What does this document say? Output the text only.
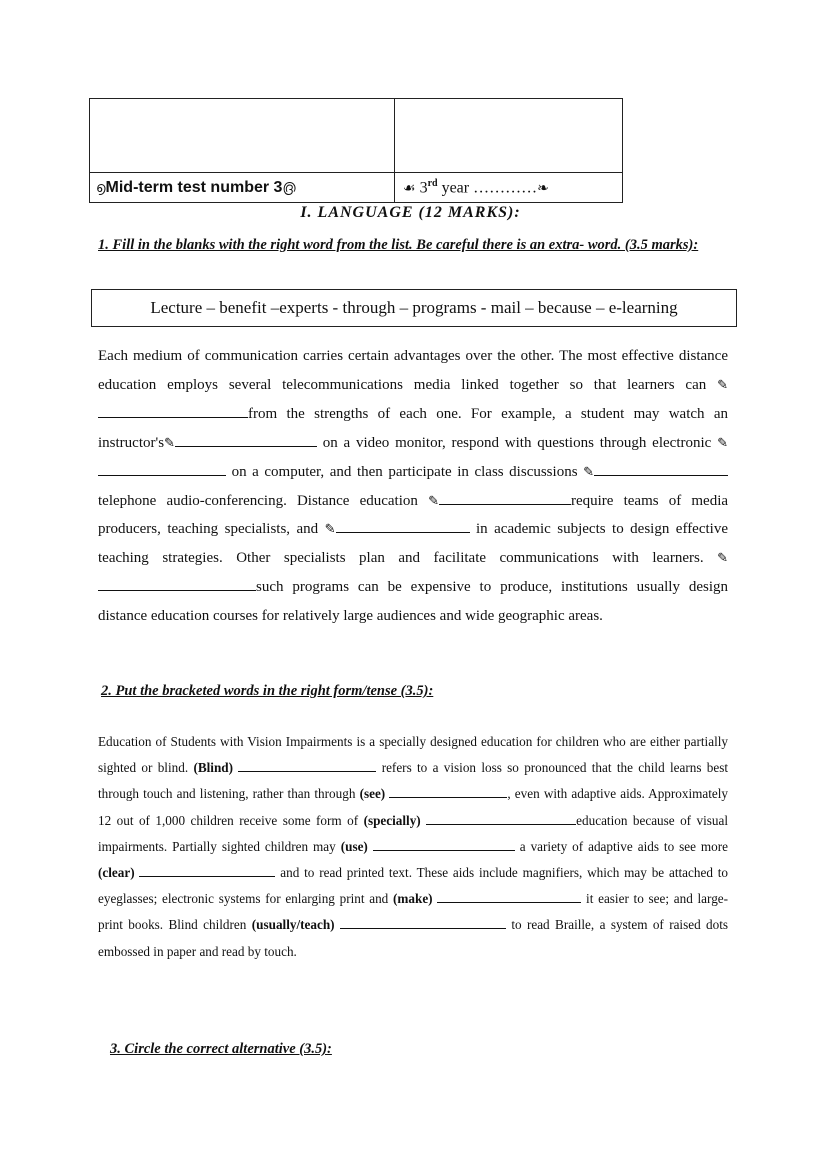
൭Mid-term test number 3൫	☙ 3rd year …………❧
I. LANGUAGE (12 MARKS):
1. Fill in the blanks with the right word from the list. Be careful there is an extra- word. (3.5 marks):
Lecture – benefit –experts - through – programs - mail – because – e-learning
Each medium of communication carries certain advantages over the other. The most effective distance education employs several telecommunications media linked together so that learners can ✎from the strengths of each one. For example, a student may watch an instructor's✎	on a video monitor, respond with questions through electronic ✎ on a computer, and then participate in class discussions ✎ telephone audio-conferencing. Distance education ✎	require teams of media producers, teaching specialists, and ✎	in academic subjects to design effective teaching strategies. Other specialists plan and facilitate communications with learners. ✎such programs can be expensive to produce, institutions usually design distance education courses for relatively large audiences and wide geographic areas.
2. Put the bracketed words in the right form/tense (3.5):
Education of Students with Vision Impairments is a specially designed education for children who are either partially sighted or blind. (Blind)	refers to a vision loss so pronounced that the child learns best through touch and listening, rather than through (see)	, even with adaptive aids. Approximately 12 out of 1,000 children receive some form of (specially)	education because of visual impairments. Partially sighted children may (use)	a variety of adaptive aids to see more (clear)	and to read printed text. These aids include magnifiers, which may be attached to eyeglasses; electronic systems for enlarging print and (make)	it easier to see; and large-print books. Blind children (usually/teach)	to read Braille, a system of raised dots embossed in paper and read by touch.
3. Circle the correct alternative (3.5):
